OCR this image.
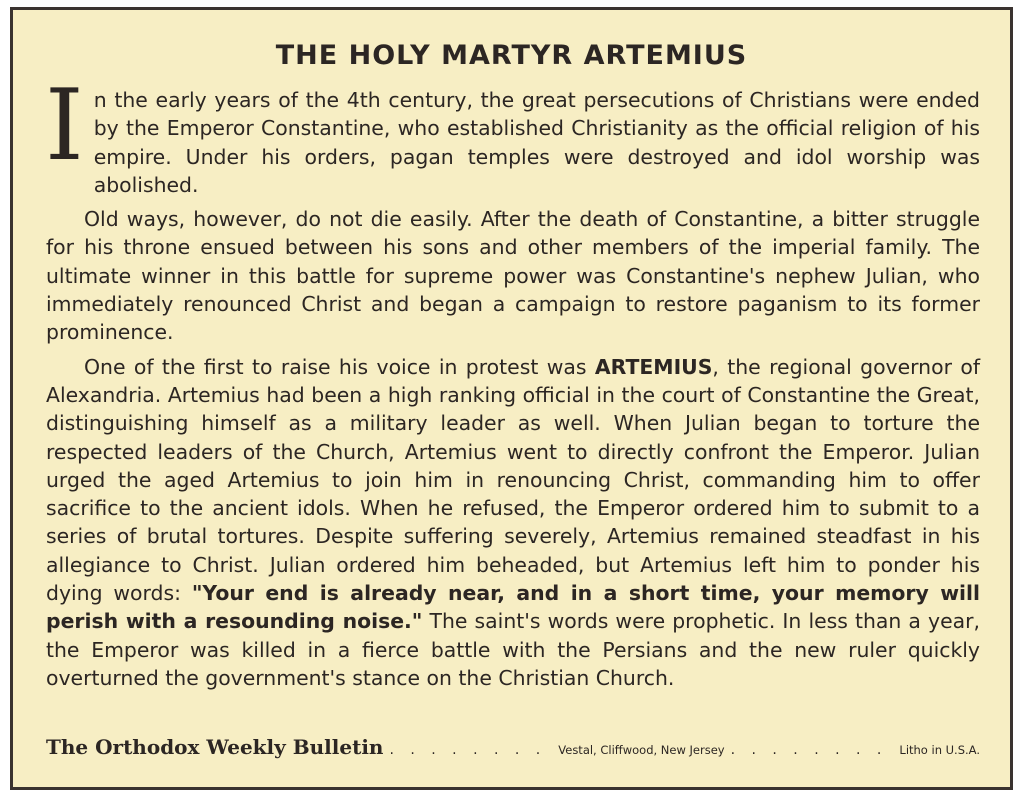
THE HOLY MARTYR ARTEMIUS

In the early years of the 4th century, the great persecutions of Christians were ended by the Emperor Constantine, who established Christianity as the official religion of his empire. Under his orders, pagan temples were destroyed and idol worship was abolished.

Old ways, however, do not die easily. After the death of Constantine, a bitter struggle for his throne ensued between his sons and other members of the imperial family. The ultimate winner in this battle for supreme power was Constantine's nephew Julian, who immediately renounced Christ and began a campaign to restore paganism to its former prominence.

One of the first to raise his voice in protest was ARTEMIUS, the regional governor of Alexandria. Artemius had been a high ranking official in the court of Constantine the Great, distinguishing himself as a military leader as well. When Julian began to torture the respected leaders of the Church, Artemius went to directly confront the Emperor. Julian urged the aged Artemius to join him in renouncing Christ, commanding him to offer sacrifice to the ancient idols. When he refused, the Emperor ordered him to submit to a series of brutal tortures. Despite suffering severely, Artemius remained steadfast in his allegiance to Christ. Julian ordered him beheaded, but Artemius left him to ponder his dying words: "Your end is already near, and in a short time, your memory will perish with a resounding noise." The saint's words were prophetic. In less than a year, the Emperor was killed in a fierce battle with the Persians and the new ruler quickly overturned the government's stance on the Christian Church.

The Orthodox Weekly Bulletin . . .	Vestal, Cliffwood, New Jersey . . .	Litho in U.S.A.
